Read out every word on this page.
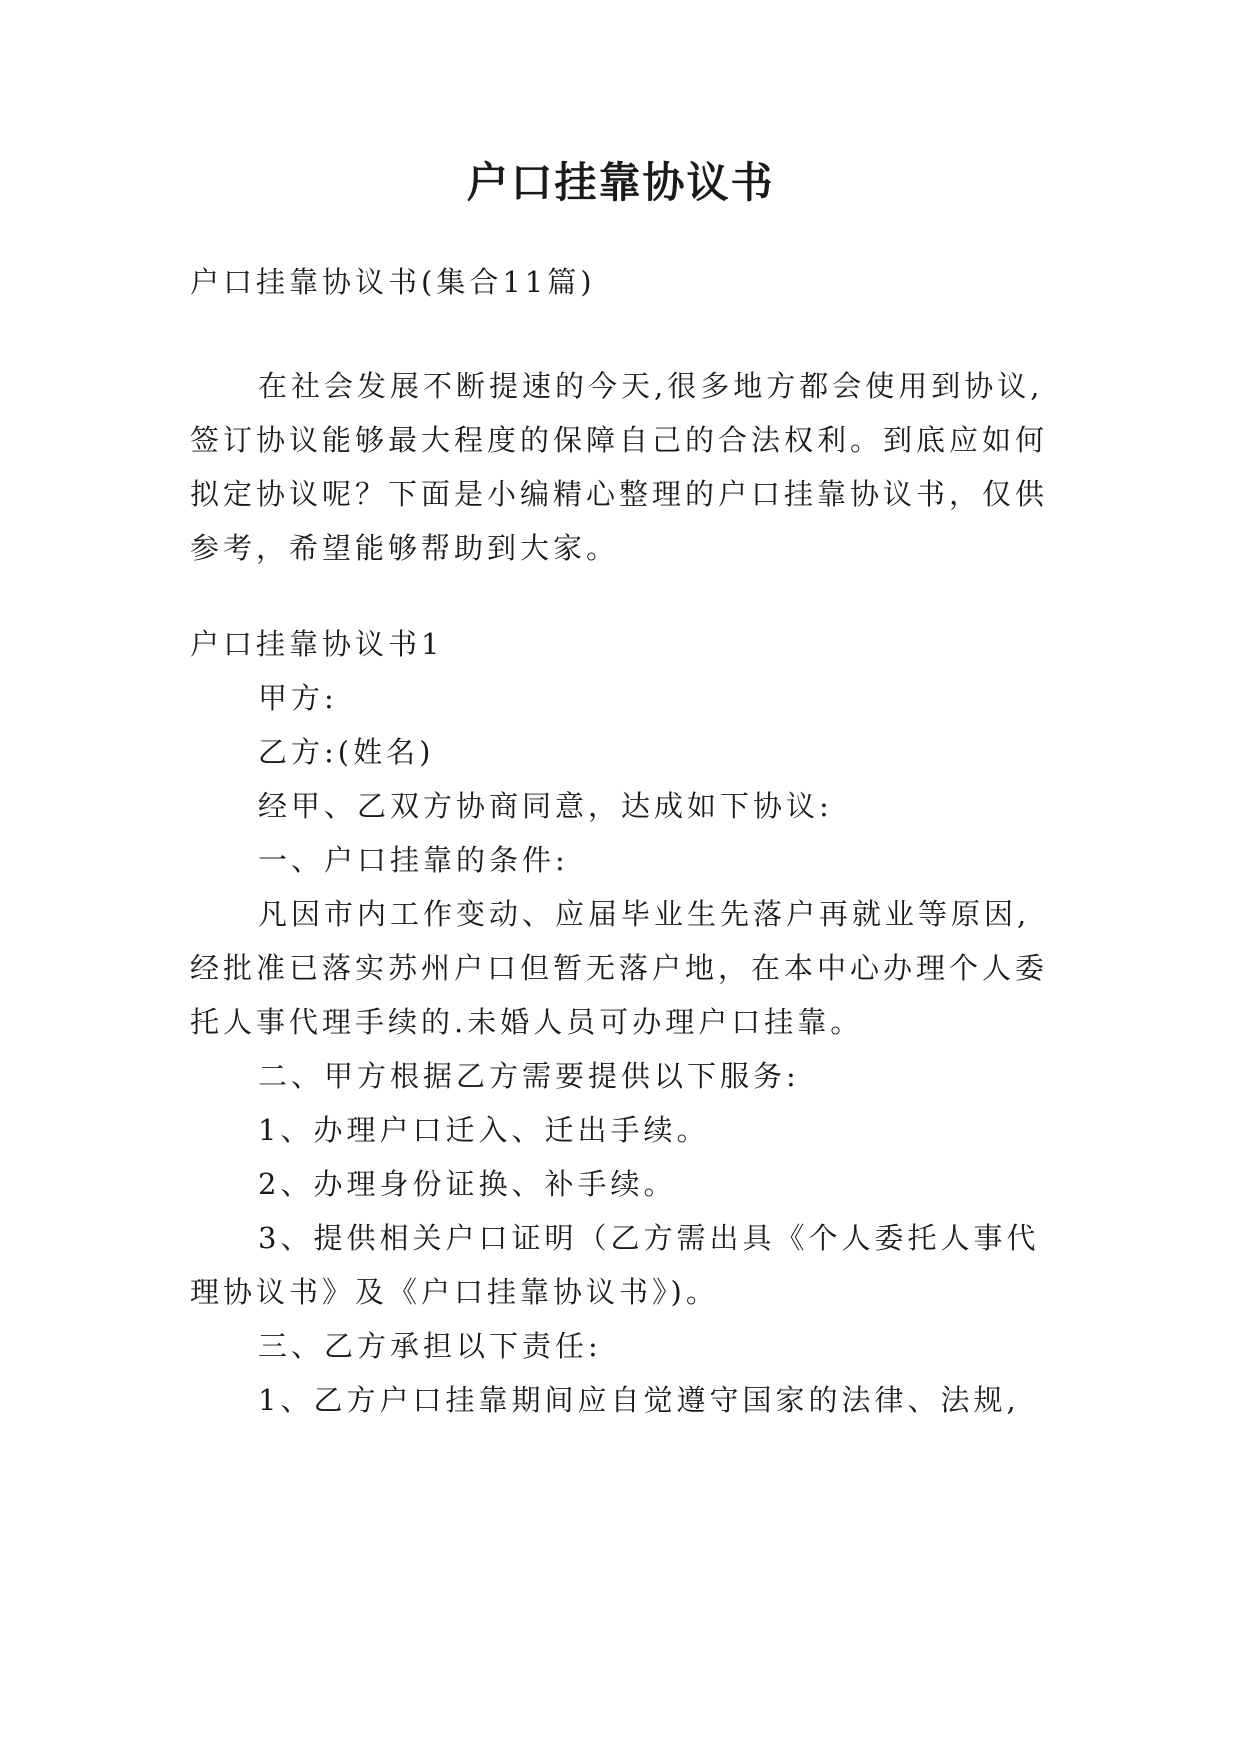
户口挂靠协议书
户口挂靠协议书(集合11篇)
在社会发展不断提速的今天,很多地方都会使用到协议,
签订协议能够最大程度的保障自己的合法权利。到底应如何
拟定协议呢？下面是小编精心整理的户口挂靠协议书，仅供
参考，希望能够帮助到大家。
户口挂靠协议书1
甲方:
乙方:(姓名)
经甲、乙双方协商同意，达成如下协议:
一、户口挂靠的条件:
凡因市内工作变动、应届毕业生先落户再就业等原因,
经批准已落实苏州户口但暂无落户地，在本中心办理个人委
托人事代理手续的.未婚人员可办理户口挂靠。
二、甲方根据乙方需要提供以下服务:
1、办理户口迁入、迁出手续。
2、办理身份证换、补手续。
3、提供相关户口证明（乙方需出具《个人委托人事代
理协议书》及《户口挂靠协议书》)。
三、乙方承担以下责任:
1、乙方户口挂靠期间应自觉遵守国家的法律、法规,
